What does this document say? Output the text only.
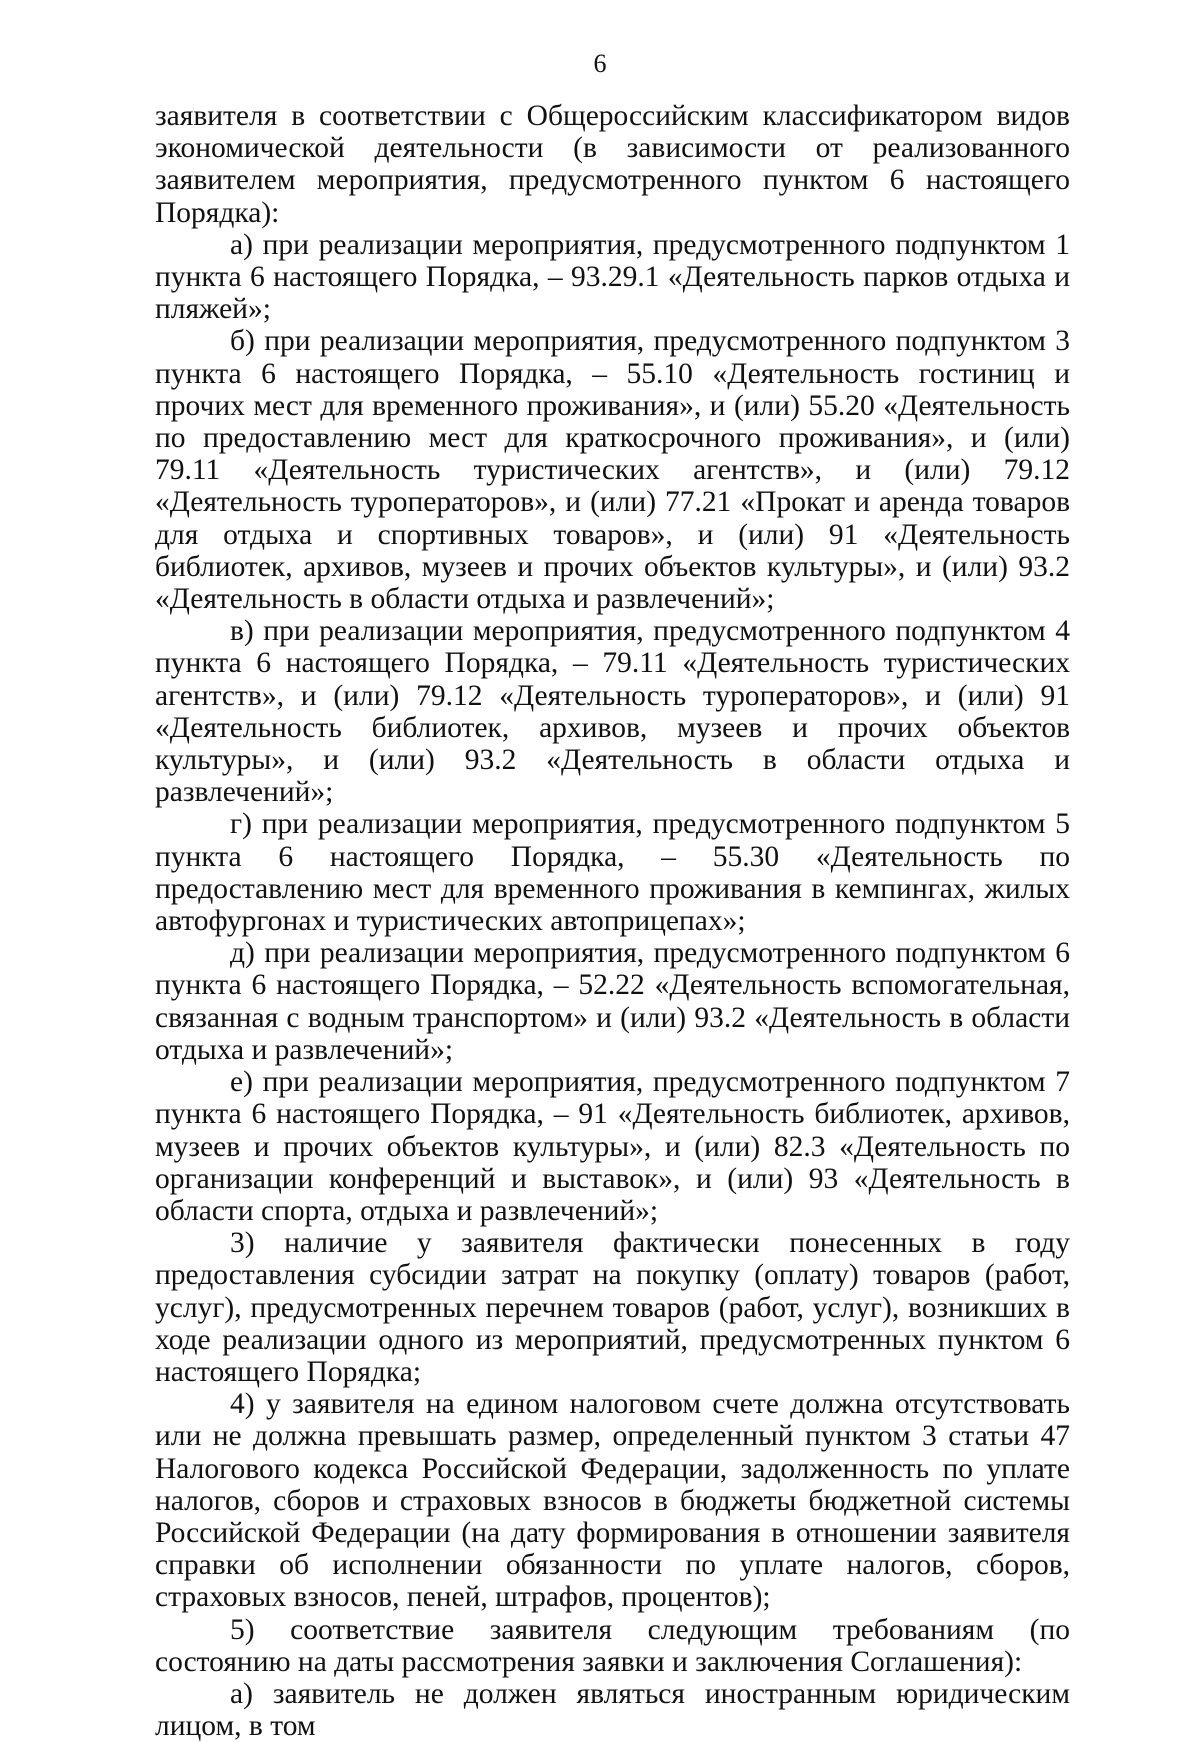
6

заявителя в соответствии с Общероссийским классификатором видов экономической деятельности (в зависимости от реализованного заявителем мероприятия, предусмотренного пунктом 6 настоящего Порядка):

а) при реализации мероприятия, предусмотренного подпунктом 1 пункта 6 настоящего Порядка, – 93.29.1 «Деятельность парков отдыха и пляжей»;

б) при реализации мероприятия, предусмотренного подпунктом 3 пункта 6 настоящего Порядка, – 55.10 «Деятельность гостиниц и прочих мест для временного проживания», и (или) 55.20 «Деятельность по предоставлению мест для краткосрочного проживания», и (или) 79.11 «Деятельность туристических агентств», и (или) 79.12 «Деятельность туроператоров», и (или) 77.21 «Прокат и аренда товаров для отдыха и спортивных товаров», и (или) 91 «Деятельность библиотек, архивов, музеев и прочих объектов культуры», и (или) 93.2 «Деятельность в области отдыха и развлечений»;

в) при реализации мероприятия, предусмотренного подпунктом 4 пункта 6 настоящего Порядка, – 79.11 «Деятельность туристических агентств», и (или) 79.12 «Деятельность туроператоров», и (или) 91 «Деятельность библиотек, архивов, музеев и прочих объектов культуры», и (или) 93.2 «Деятельность в области отдыха и развлечений»;

г) при реализации мероприятия, предусмотренного подпунктом 5 пункта 6 настоящего Порядка, – 55.30 «Деятельность по предоставлению мест для временного проживания в кемпингах, жилых автофургонах и туристических автоприцепах»;

д) при реализации мероприятия, предусмотренного подпунктом 6 пункта 6 настоящего Порядка, – 52.22 «Деятельность вспомогательная, связанная с водным транспортом» и (или) 93.2 «Деятельность в области отдыха и развлечений»;

е) при реализации мероприятия, предусмотренного подпунктом 7 пункта 6 настоящего Порядка, – 91 «Деятельность библиотек, архивов, музеев и прочих объектов культуры», и (или) 82.3 «Деятельность по организации конференций и выставок», и (или) 93 «Деятельность в области спорта, отдыха и развлечений»;

3) наличие у заявителя фактически понесенных в году предоставления субсидии затрат на покупку (оплату) товаров (работ, услуг), предусмотренных перечнем товаров (работ, услуг), возникших в ходе реализации одного из мероприятий, предусмотренных пунктом 6 настоящего Порядка;

4) у заявителя на едином налоговом счете должна отсутствовать или не должна превышать размер, определенный пунктом 3 статьи 47 Налогового кодекса Российской Федерации, задолженность по уплате налогов, сборов и страховых взносов в бюджеты бюджетной системы Российской Федерации (на дату формирования в отношении заявителя справки об исполнении обязанности по уплате налогов, сборов, страховых взносов, пеней, штрафов, процентов);

5) соответствие заявителя следующим требованиям (по состоянию на даты рассмотрения заявки и заключения Соглашения):

а) заявитель не должен являться иностранным юридическим лицом, в том
